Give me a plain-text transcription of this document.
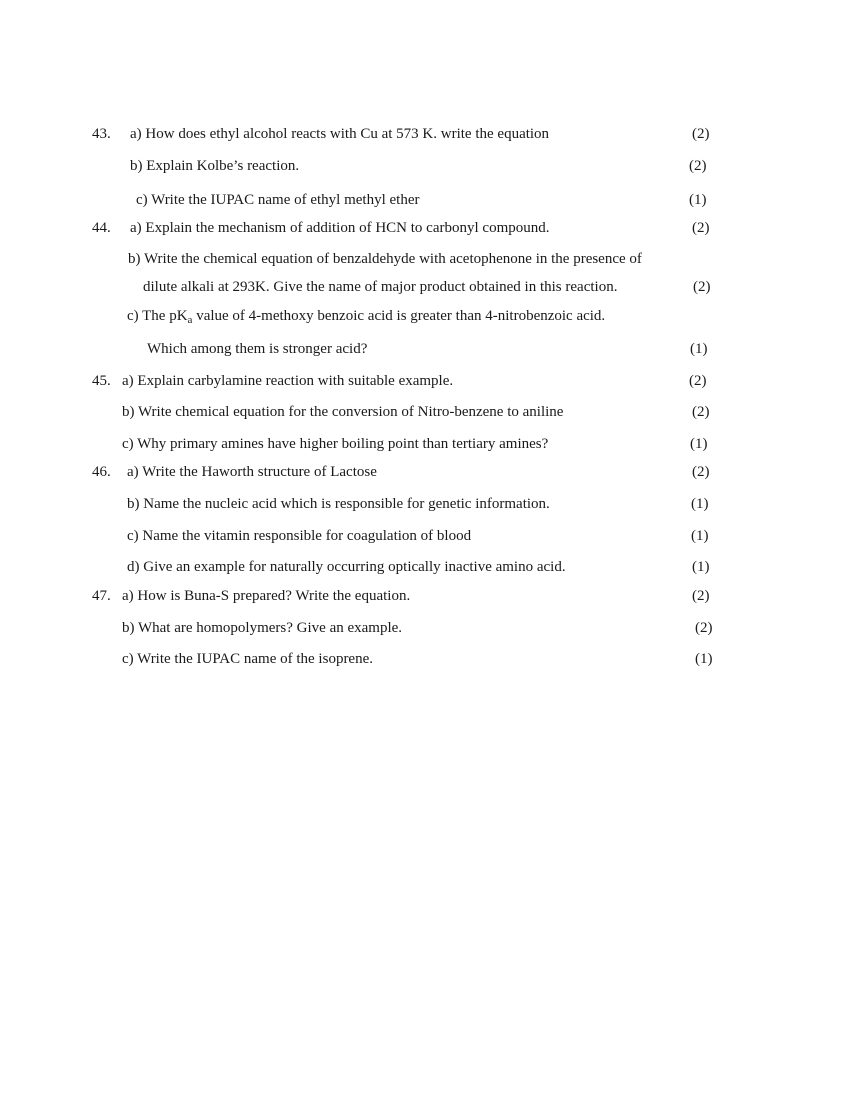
43. a) How does ethyl alcohol reacts with Cu at 573 K. write the equation	(2)
b) Explain Kolbe’s reaction.	(2)
c) Write the IUPAC name of ethyl methyl ether	(1)
44. a) Explain the mechanism of addition of HCN to carbonyl compound.	(2)
b) Write the chemical equation of benzaldehyde with acetophenone in the presence of
dilute alkali at 293K. Give the name of major product obtained in this reaction.	(2)
c) The $pK_a$ value of 4-methoxy benzoic acid is greater than 4-nitrobenzoic acid.
Which among them is stronger acid?	(1)
45. a) Explain carbylamine reaction with suitable example.	(2)
b) Write chemical equation for the conversion of Nitro-benzene to aniline	(2)
c) Why primary amines have higher boiling point than tertiary amines?	(1)
46. a) Write the Haworth structure of Lactose	(2)
b) Name the nucleic acid which is responsible for genetic information.	(1)
c) Name the vitamin responsible for coagulation of blood	(1)
d) Give an example for naturally occurring optically inactive amino acid.	(1)
47. a) How is Buna-S prepared? Write the equation.	(2)
b) What are homopolymers? Give an example.	(2)
c) Write the IUPAC name of the isoprene.	(1)
